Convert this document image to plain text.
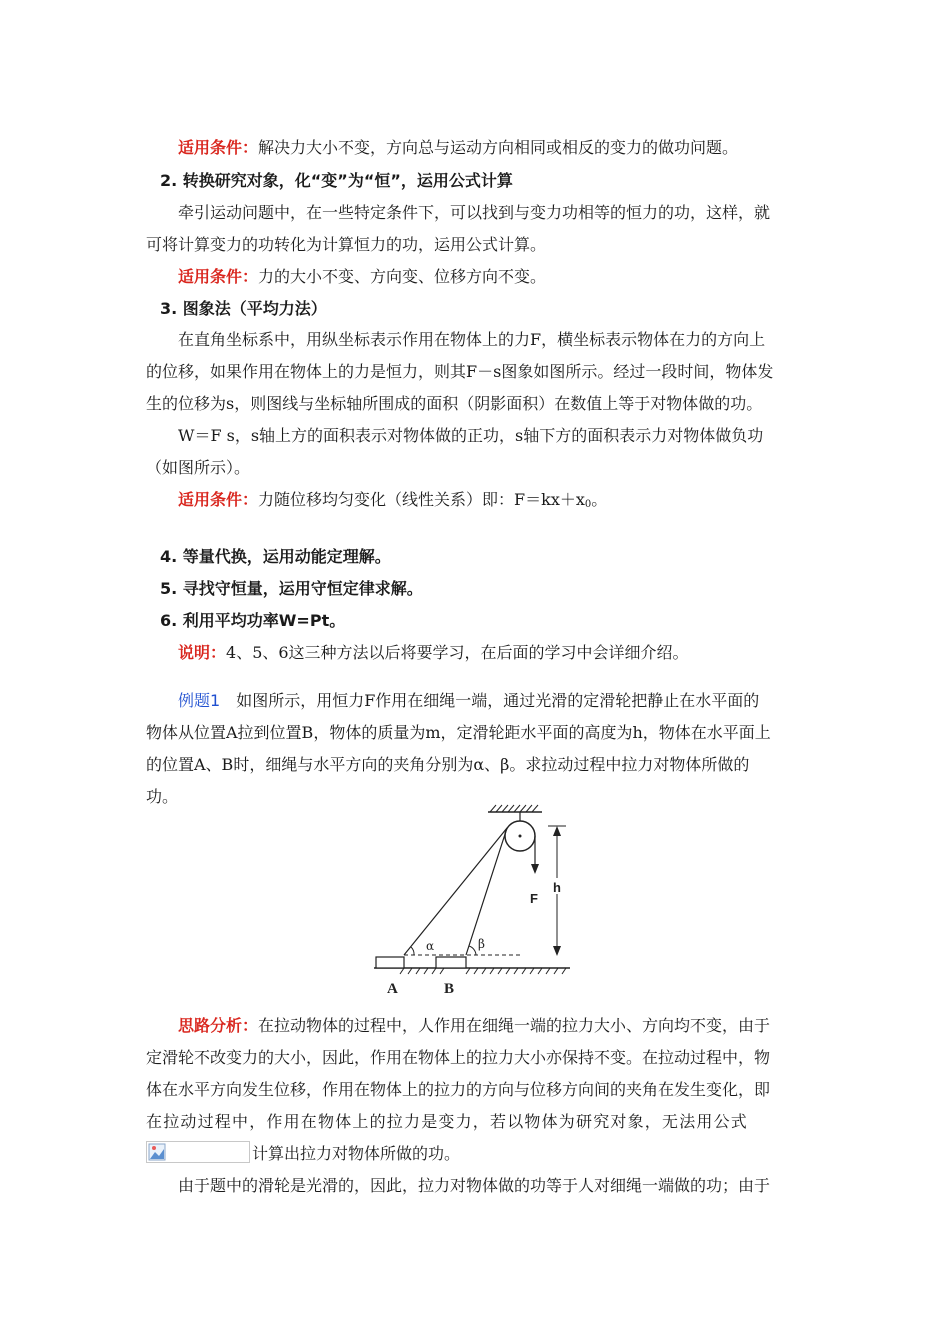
适用条件：解决力大小不变，方向总与运动方向相同或相反的变力的做功问题。
2. 转换研究对象，化“变”为“恒”，运用公式计算
牵引运动问题中，在一些特定条件下，可以找到与变力功相等的恒力的功，这样，就
可将计算变力的功转化为计算恒力的功，运用公式计算。
适用条件：力的大小不变、方向变、位移方向不变。
3. 图象法（平均力法）
在直角坐标系中，用纵坐标表示作用在物体上的力F，横坐标表示物体在力的方向上
的位移，如果作用在物体上的力是恒力，则其F－s图象如图所示。经过一段时间，物体发
生的位移为s，则图线与坐标轴所围成的面积（阴影面积）在数值上等于对物体做的功。
W＝F s，s轴上方的面积表示对物体做的正功，s轴下方的面积表示力对物体做负功
（如图所示）。
适用条件：力随位移均匀变化（线性关系）即：$F=kx+x_0$。
4. 等量代换，运用动能定理解。
5. 寻找守恒量，运用守恒定律求解。
6. 利用平均功率W=Pt。
说明：4、5、6这三种方法以后将要学习，在后面的学习中会详细介绍。
例题1 如图所示，用恒力F作用在细绳一端，通过光滑的定滑轮把静止在水平面的
物体从位置A拉到位置B，物体的质量为m，定滑轮距水平面的高度为h，物体在水平面上
的位置A、B时，细绳与水平方向的夹角分别为α、β。求拉动过程中拉力对物体所做的
功。
F
h
α	β
A	B
思路分析：在拉动物体的过程中，人作用在细绳一端的拉力大小、方向均不变，由于
定滑轮不改变力的大小，因此，作用在物体上的拉力大小亦保持不变。在拉动过程中，物
体在水平方向发生位移，作用在物体上的拉力的方向与位移方向间的夹角在发生变化，即
在拉动过程中，作用在物体上的拉力是变力，若以物体为研究对象，无法用公式
计算出拉力对物体所做的功。
由于题中的滑轮是光滑的，因此，拉力对物体做的功等于人对细绳一端做的功；由于
